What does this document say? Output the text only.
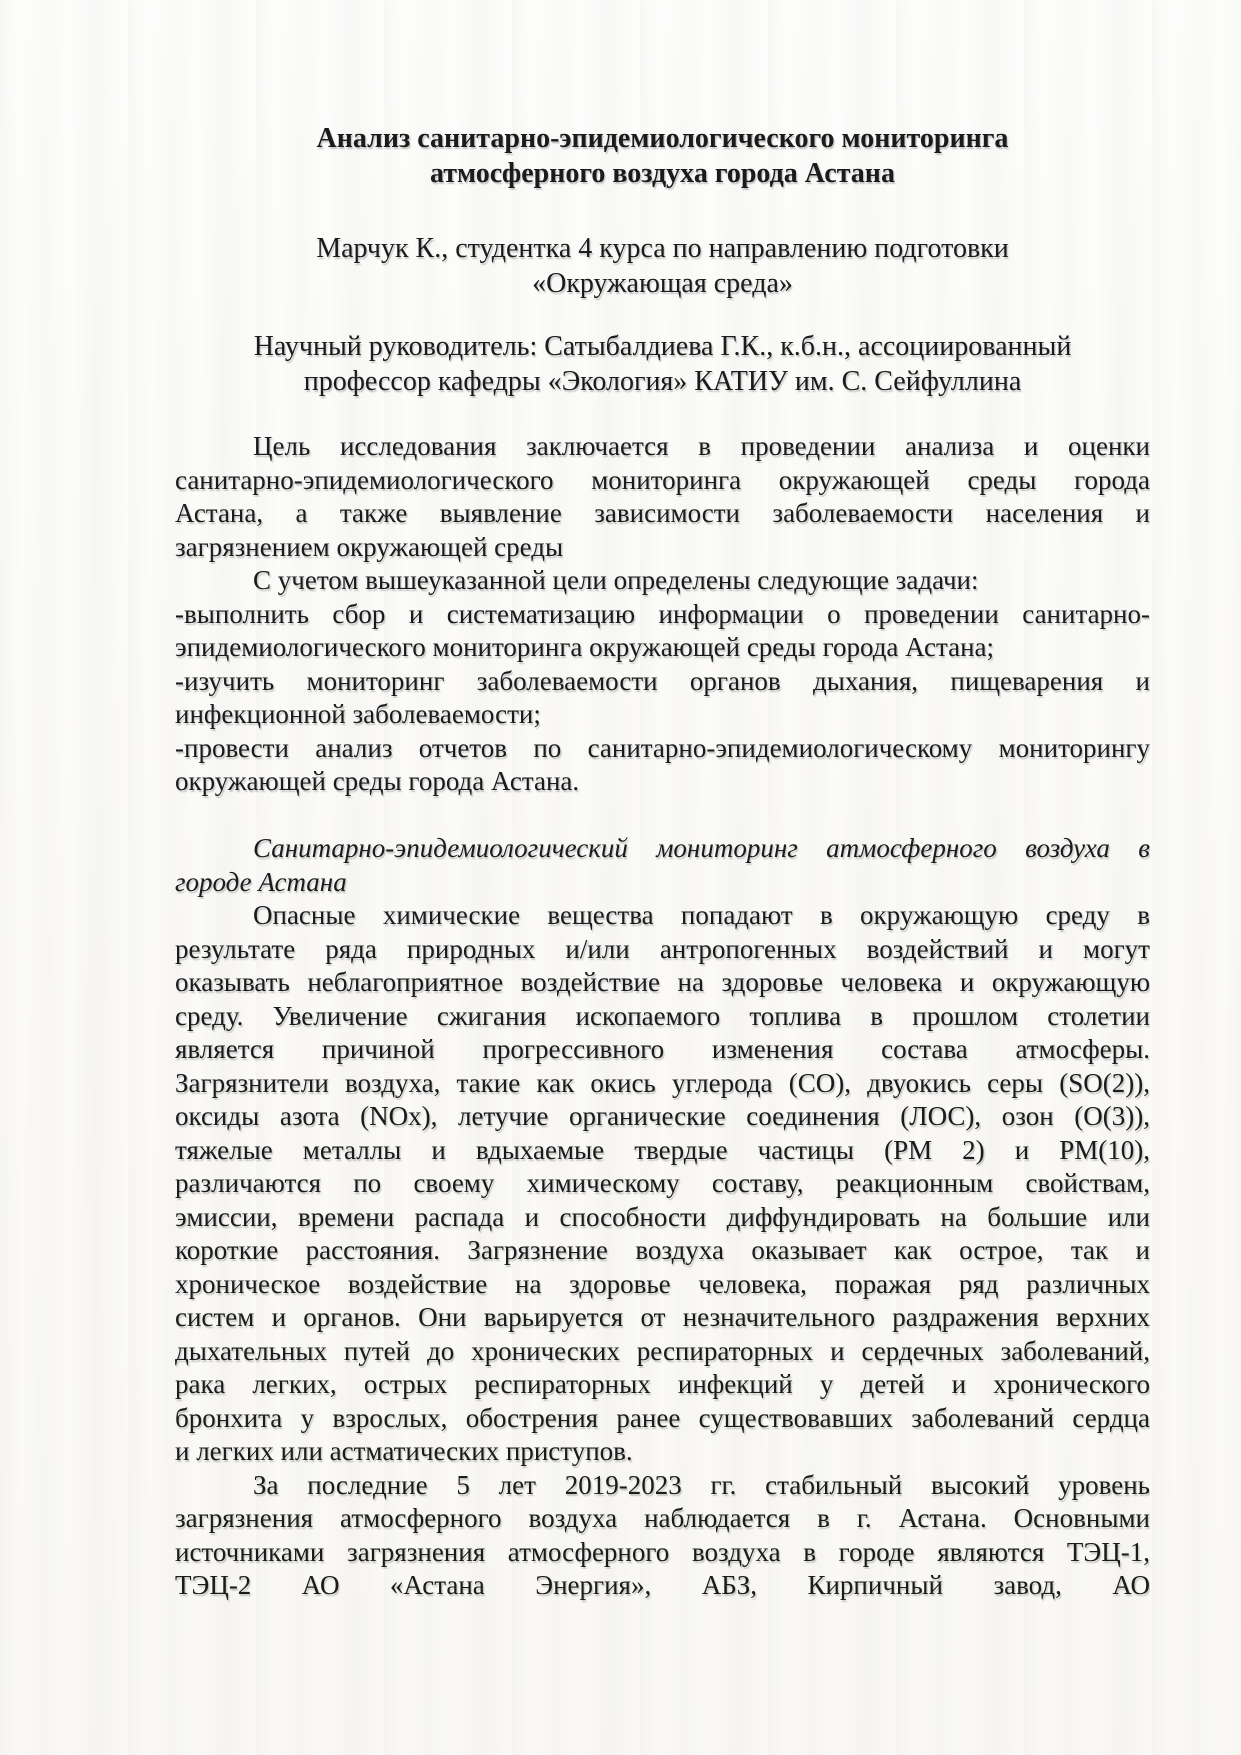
Анализ санитарно-эпидемиологического мониторинга
атмосферного воздуха города Астана
Марчук К., студентка 4 курса по направлению подготовки
«Окружающая среда»
Научный руководитель: Сатыбалдиева Г.К., к.б.н., ассоциированный
профессор кафедры «Экология» КАТИУ им. С. Сейфуллина
Цель исследования заключается в проведении анализа и оценки
санитарно-эпидемиологического мониторинга окружающей среды города
Астана, а также выявление зависимости заболеваемости населения и
загрязнением окружающей среды
С учетом вышеуказанной цели определены следующие задачи:
-выполнить сбор и систематизацию информации о проведении санитарно-
эпидемиологического мониторинга окружающей среды города Астана;
-изучить мониторинг заболеваемости органов дыхания, пищеварения и
инфекционной заболеваемости;
-провести анализ отчетов по санитарно-эпидемиологическому мониторингу
окружающей среды города Астана.
Санитарно-эпидемиологический мониторинг атмосферного воздуха в
городе Астана
Опасные химические вещества попадают в окружающую среду в
результате ряда природных и/или антропогенных воздействий и могут
оказывать неблагоприятное воздействие на здоровье человека и окружающую
среду. Увеличение сжигания ископаемого топлива в прошлом столетии
является причиной прогрессивного изменения состава атмосферы.
Загрязнители воздуха, такие как окись углерода (CO), двуокись серы (SO(2)),
оксиды азота (NOx), летучие органические соединения (ЛОС), озон (O(3)),
тяжелые металлы и вдыхаемые твердые частицы (PM 2) и PM(10),
различаются по своему химическому составу, реакционным свойствам,
эмиссии, времени распада и способности диффундировать на большие или
короткие расстояния. Загрязнение воздуха оказывает как острое, так и
хроническое воздействие на здоровье человека, поражая ряд различных
систем и органов. Они варьируется от незначительного раздражения верхних
дыхательных путей до хронических респираторных и сердечных заболеваний,
рака легких, острых респираторных инфекций у детей и хронического
бронхита у взрослых, обострения ранее существовавших заболеваний сердца
и легких или астматических приступов.
За последние 5 лет 2019-2023 гг. стабильный высокий уровень
загрязнения атмосферного воздуха наблюдается в г. Астана. Основными
источниками загрязнения атмосферного воздуха в городе являются ТЭЦ-1,
ТЭЦ-2 АО «Астана Энергия», АБЗ, Кирпичный завод, АО
